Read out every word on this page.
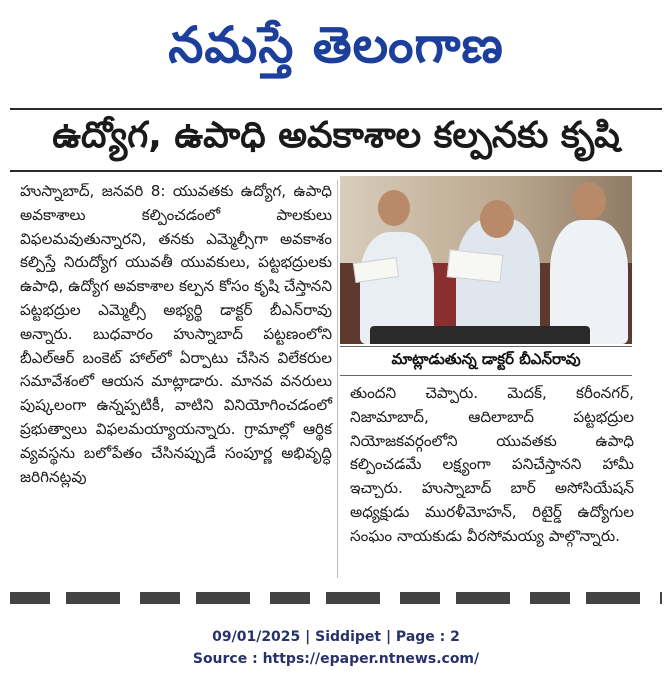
నమస్తే తెలంగాణ
ఉద్యోగ, ఉపాధి అవకాశాల కల్పనకు కృషి

హుస్నాబాద్, జనవరి 8: యువతకు ఉద్యోగ, ఉపాధి అవకాశాలు కల్పించడంలో పాలకులు విఫలమవుతున్నారని, తనకు ఎమ్మెల్సీగా అవకాశం కల్పిస్తే నిరుద్యోగ యువతీ యువకులు, పట్టభద్రులకు ఉపాధి, ఉద్యోగ అవకాశాల కల్పన కోసం కృషి చేస్తానని పట్టభద్రుల ఎమ్మెల్సీ అభ్యర్థి డాక్టర్ బీఎన్‌రావు అన్నారు. బుధవారం హుస్నాబాద్ పట్టణంలోని బీఎల్ఆర్ బంకెట్ హాల్‌లో ఏర్పాటు చేసిన విలేకరుల సమావేశంలో ఆయన మాట్లాడారు. మానవ వనరులు పుష్కలంగా ఉన్నప్పటికీ, వాటిని వినియోగించడంలో ప్రభుత్వాలు విఫలమయ్యాయన్నారు. గ్రామాల్లో ఆర్థిక వ్యవస్థను బలోపేతం చేసినప్పుడే సంపూర్ణ అభివృద్ధి జరిగినట్లవు

మాట్లాడుతున్న డాక్టర్ బీఎన్‌రావు

తుందని చెప్పారు. మెదక్, కరీంనగర్, నిజామాబాద్, ఆదిలాబాద్ పట్టభద్రుల నియోజకవర్గంలోని యువతకు ఉపాధి కల్పించడమే లక్ష్యంగా పనిచేస్తానని హామీ ఇచ్చారు. హుస్నాబాద్ బార్ అసోసియేషన్ అధ్యక్షుడు మురళీమోహన్, రిటైర్డ్ ఉద్యోగుల సంఘం నాయకుడు వీరసోమయ్య పాల్గొన్నారు.

09/01/2025 | Siddipet | Page : 2
Source : https://epaper.ntnews.com/
